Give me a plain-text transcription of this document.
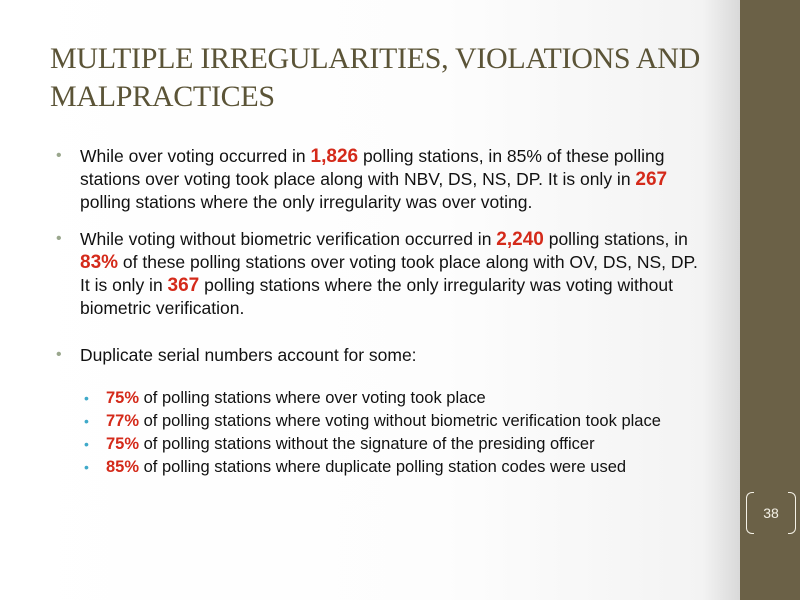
MULTIPLE IRREGULARITIES, VIOLATIONS AND
MALPRACTICES

• While over voting occurred in 1,826 polling stations, in 85% of these polling stations over voting took place along with NBV, DS, NS, DP. It is only in 267 polling stations where the only irregularity was over voting.

• While voting without biometric verification occurred in 2,240 polling stations, in 83% of these polling stations over voting took place along with OV, DS, NS, DP. It is only in 367 polling stations where the only irregularity was voting without biometric verification.

• Duplicate serial numbers account for some:

• 75% of polling stations where over voting took place

• 77% of polling stations where voting without biometric verification took place

• 75% of polling stations without the signature of the presiding officer

• 85% of polling stations where duplicate polling station codes were used

38
